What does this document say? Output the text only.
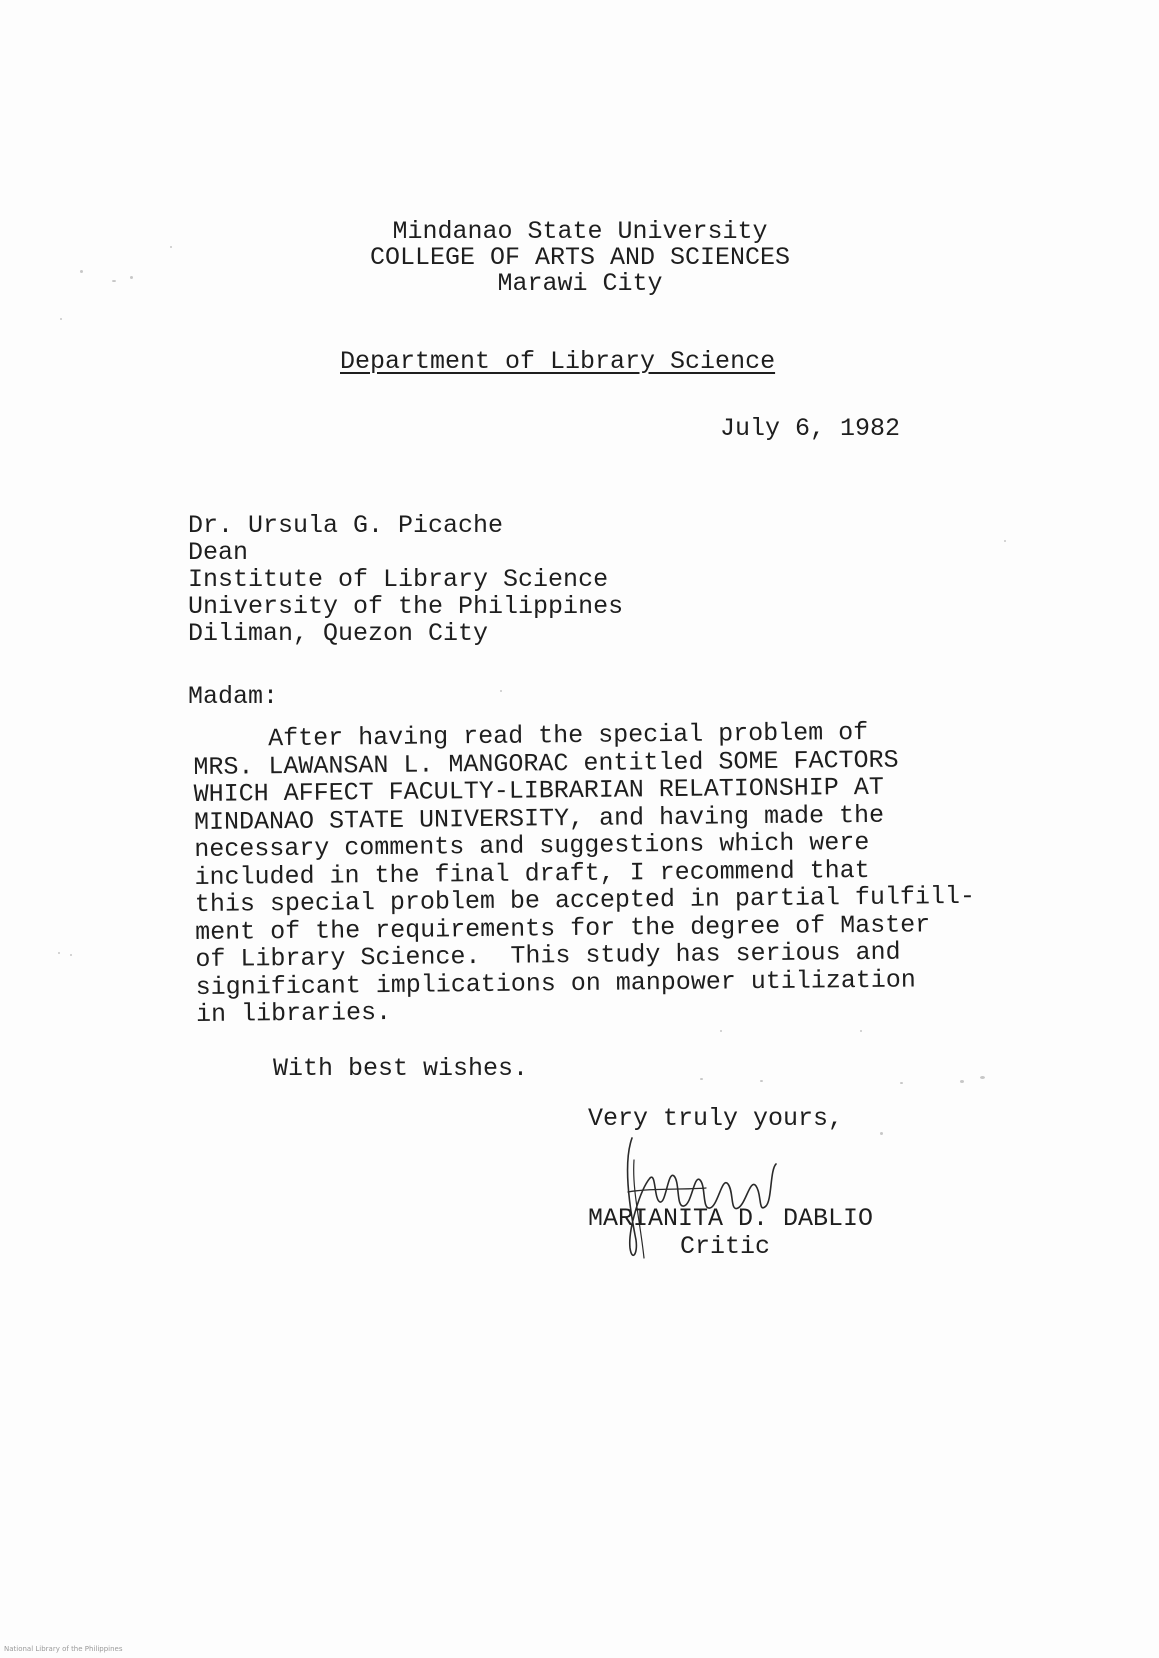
Mindanao State University
COLLEGE OF ARTS AND SCIENCES
Marawi City
Department of Library Science
July 6, 1982
Dr. Ursula G. Picache
Dean
Institute of Library Science
University of the Philippines
Diliman, Quezon City
Madam:
After having read the special problem of
MRS. LAWANSAN L. MANGORAC entitled SOME FACTORS
WHICH AFFECT FACULTY-LIBRARIAN RELATIONSHIP AT
MINDANAO STATE UNIVERSITY, and having made the
necessary comments and suggestions which were
included in the final draft, I recommend that
this special problem be accepted in partial fulfill-
ment of the requirements for the degree of Master
of Library Science.  This study has serious and
significant implications on manpower utilization
in libraries.
With best wishes.
Very truly yours,
MARIANITA D. DABLIO
Critic
National Library of the Philippines
